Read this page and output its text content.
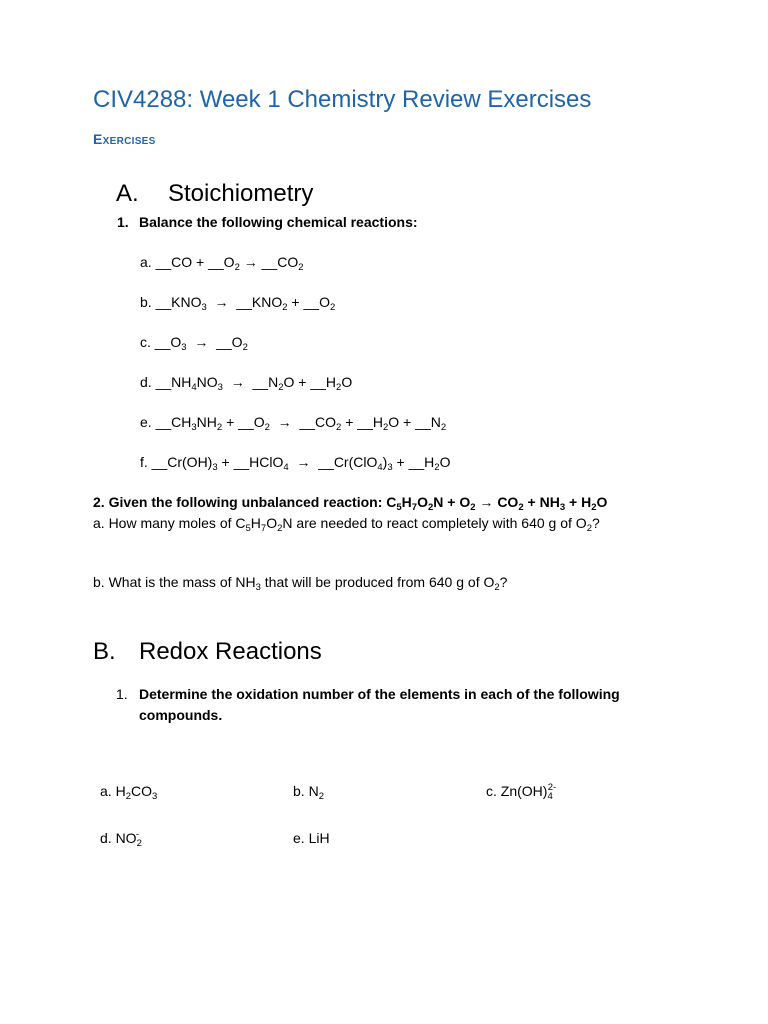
CIV4288: Week 1 Chemistry Review Exercises
Exercises
A. Stoichiometry
1. Balance the following chemical reactions:
a. __CO + $\_\_O_2$ → $\_\_CO_2$
b. $\_\_KNO_3$  →  $\_\_KNO_2$ + $\_\_O_2$
c. $\_\_O_3$  →  $\_\_O_2$
d. $\_\_NH_4NO_3$  →  $\_\_N_2O$ + $\_\_H_2O$
e. $\_\_CH_3NH_2$ + $\_\_O_2$  →  $\_\_CO_2$ + $\_\_H_2O$ + $\_\_N_2$
f. $\_\_Cr(OH)_3$ + __HClO$_4$  →  $\_\_Cr(ClO_4)_3$ + $\_\_H_2O$
2. Given the following unbalanced reaction: $C_5H_7O_2N + O_2 \to CO_2 + NH_3 + H_2O$
a. How many moles of $C_5H_7O_2N$ are needed to react completely with 640 g of $O_2$?
b. What is the mass of $NH_3$ that will be produced from 640 g of $O_2$?
B. Redox Reactions
1. Determine the oxidation number of the elements in each of the following
compounds.
a. $H_2CO_3$	b. $N_2$	c. $Zn(OH)_4^{2-}$
d. $NO_2^-$	e. LiH
